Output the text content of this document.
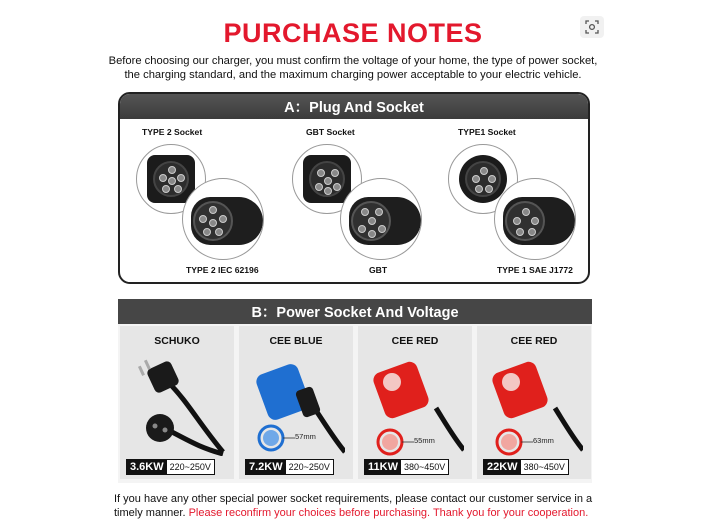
PURCHASE NOTES
Before choosing our charger, you must confirm the voltage of your home, the type of power socket, the charging standard, and the maximum charging power acceptable to your electric vehicle.
A：Plug And Socket
TYPE 2 Socket
TYPE 2 IEC 62196
GBT Socket
GBT
TYPE1 Socket
TYPE 1 SAE J1772
B：Power Socket And Voltage
SCHUKO
3.6KW 220~250V
CEE BLUE
57mm
7.2KW 220~250V
CEE RED
55mm
11KW 380~450V
CEE RED
63mm
22KW 380~450V
If you have any other special power socket requirements, please contact our customer service in a timely manner. Please reconfirm your choices before purchasing. Thank you for your cooperation.
